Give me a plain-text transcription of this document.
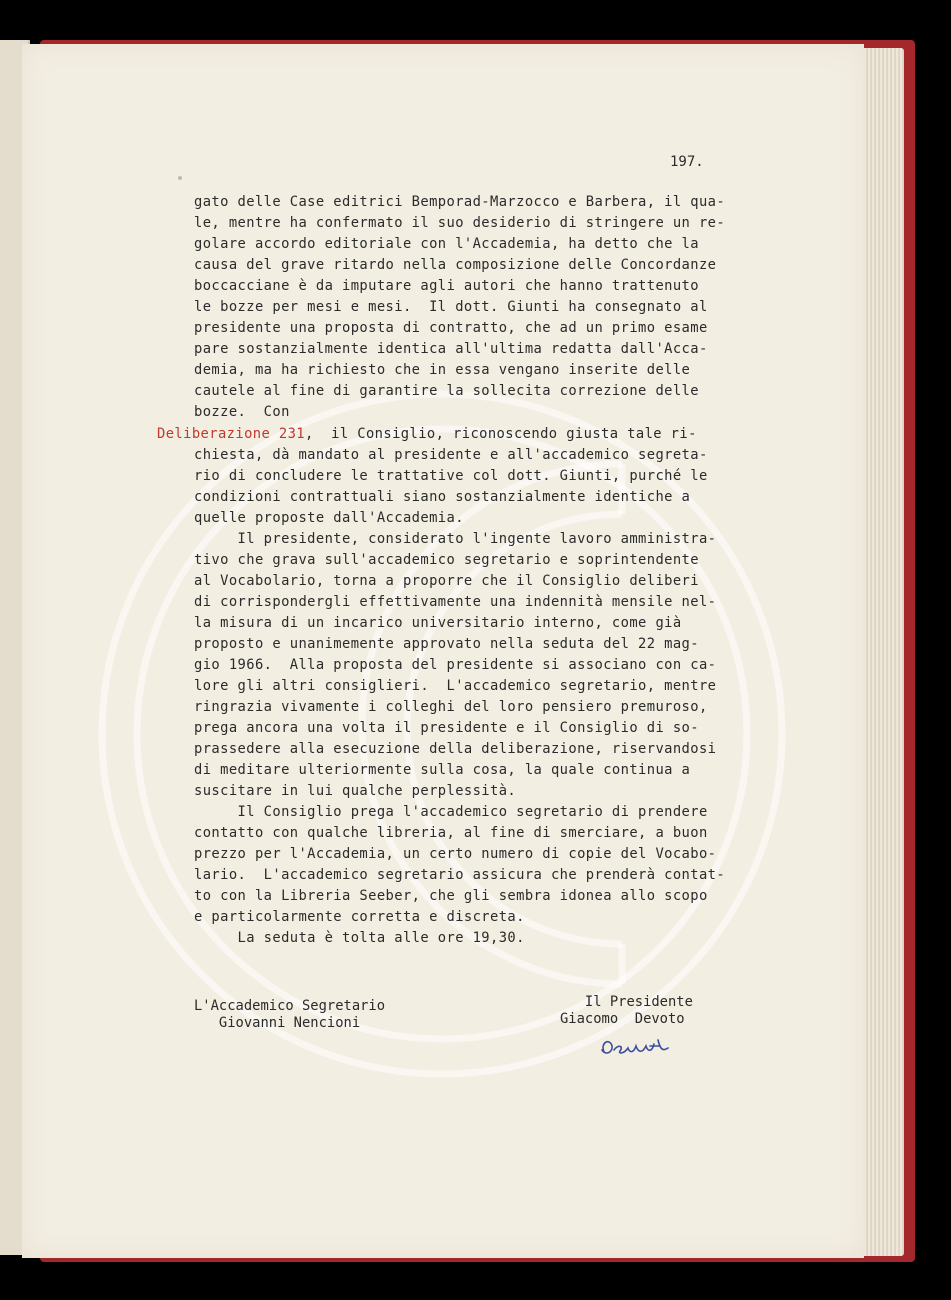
197.
gato delle Case editrici Bemporad-Marzocco e Barbera, il qua-
le, mentre ha confermato il suo desiderio di stringere un re-
golare accordo editoriale con l'Accademia, ha detto che la
causa del grave ritardo nella composizione delle Concordanze
boccacciane è da imputare agli autori che hanno trattenuto
le bozze per mesi e mesi.  Il dott. Giunti ha consegnato al
presidente una proposta di contratto, che ad un primo esame
pare sostanzialmente identica all'ultima redatta dall'Acca-
demia, ma ha richiesto che in essa vengano inserite delle
cautele al fine di garantire la sollecita correzione delle
bozze.  Con
Deliberazione 231,  il Consiglio, riconoscendo giusta tale ri-
chiesta, dà mandato al presidente e all'accademico segreta-
rio di concludere le trattative col dott. Giunti, purché le
condizioni contrattuali siano sostanzialmente identiche a
quelle proposte dall'Accademia.
Il presidente, considerato l'ingente lavoro amministra-
tivo che grava sull'accademico segretario e soprintendente
al Vocabolario, torna a proporre che il Consiglio deliberi
di corrispondergli effettivamente una indennità mensile nel-
la misura di un incarico universitario interno, come già
proposto e unanimemente approvato nella seduta del 22 mag-
gio 1966.  Alla proposta del presidente si associano con ca-
lore gli altri consiglieri.  L'accademico segretario, mentre
ringrazia vivamente i colleghi del loro pensiero premuroso,
prega ancora una volta il presidente e il Consiglio di so-
prassedere alla esecuzione della deliberazione, riservandosi
di meditare ulteriormente sulla cosa, la quale continua a
suscitare in lui qualche perplessità.
Il Consiglio prega l'accademico segretario di prendere
contatto con qualche libreria, al fine di smerciare, a buon
prezzo per l'Accademia, un certo numero di copie del Vocabo-
lario.  L'accademico segretario assicura che prenderà contat-
to con la Libreria Seeber, che gli sembra idonea allo scopo
e particolarmente corretta e discreta.
La seduta è tolta alle ore 19,30.
L'Accademico Segretario
Giovanni Nencioni
Il Presidente
Giacomo  Devoto
